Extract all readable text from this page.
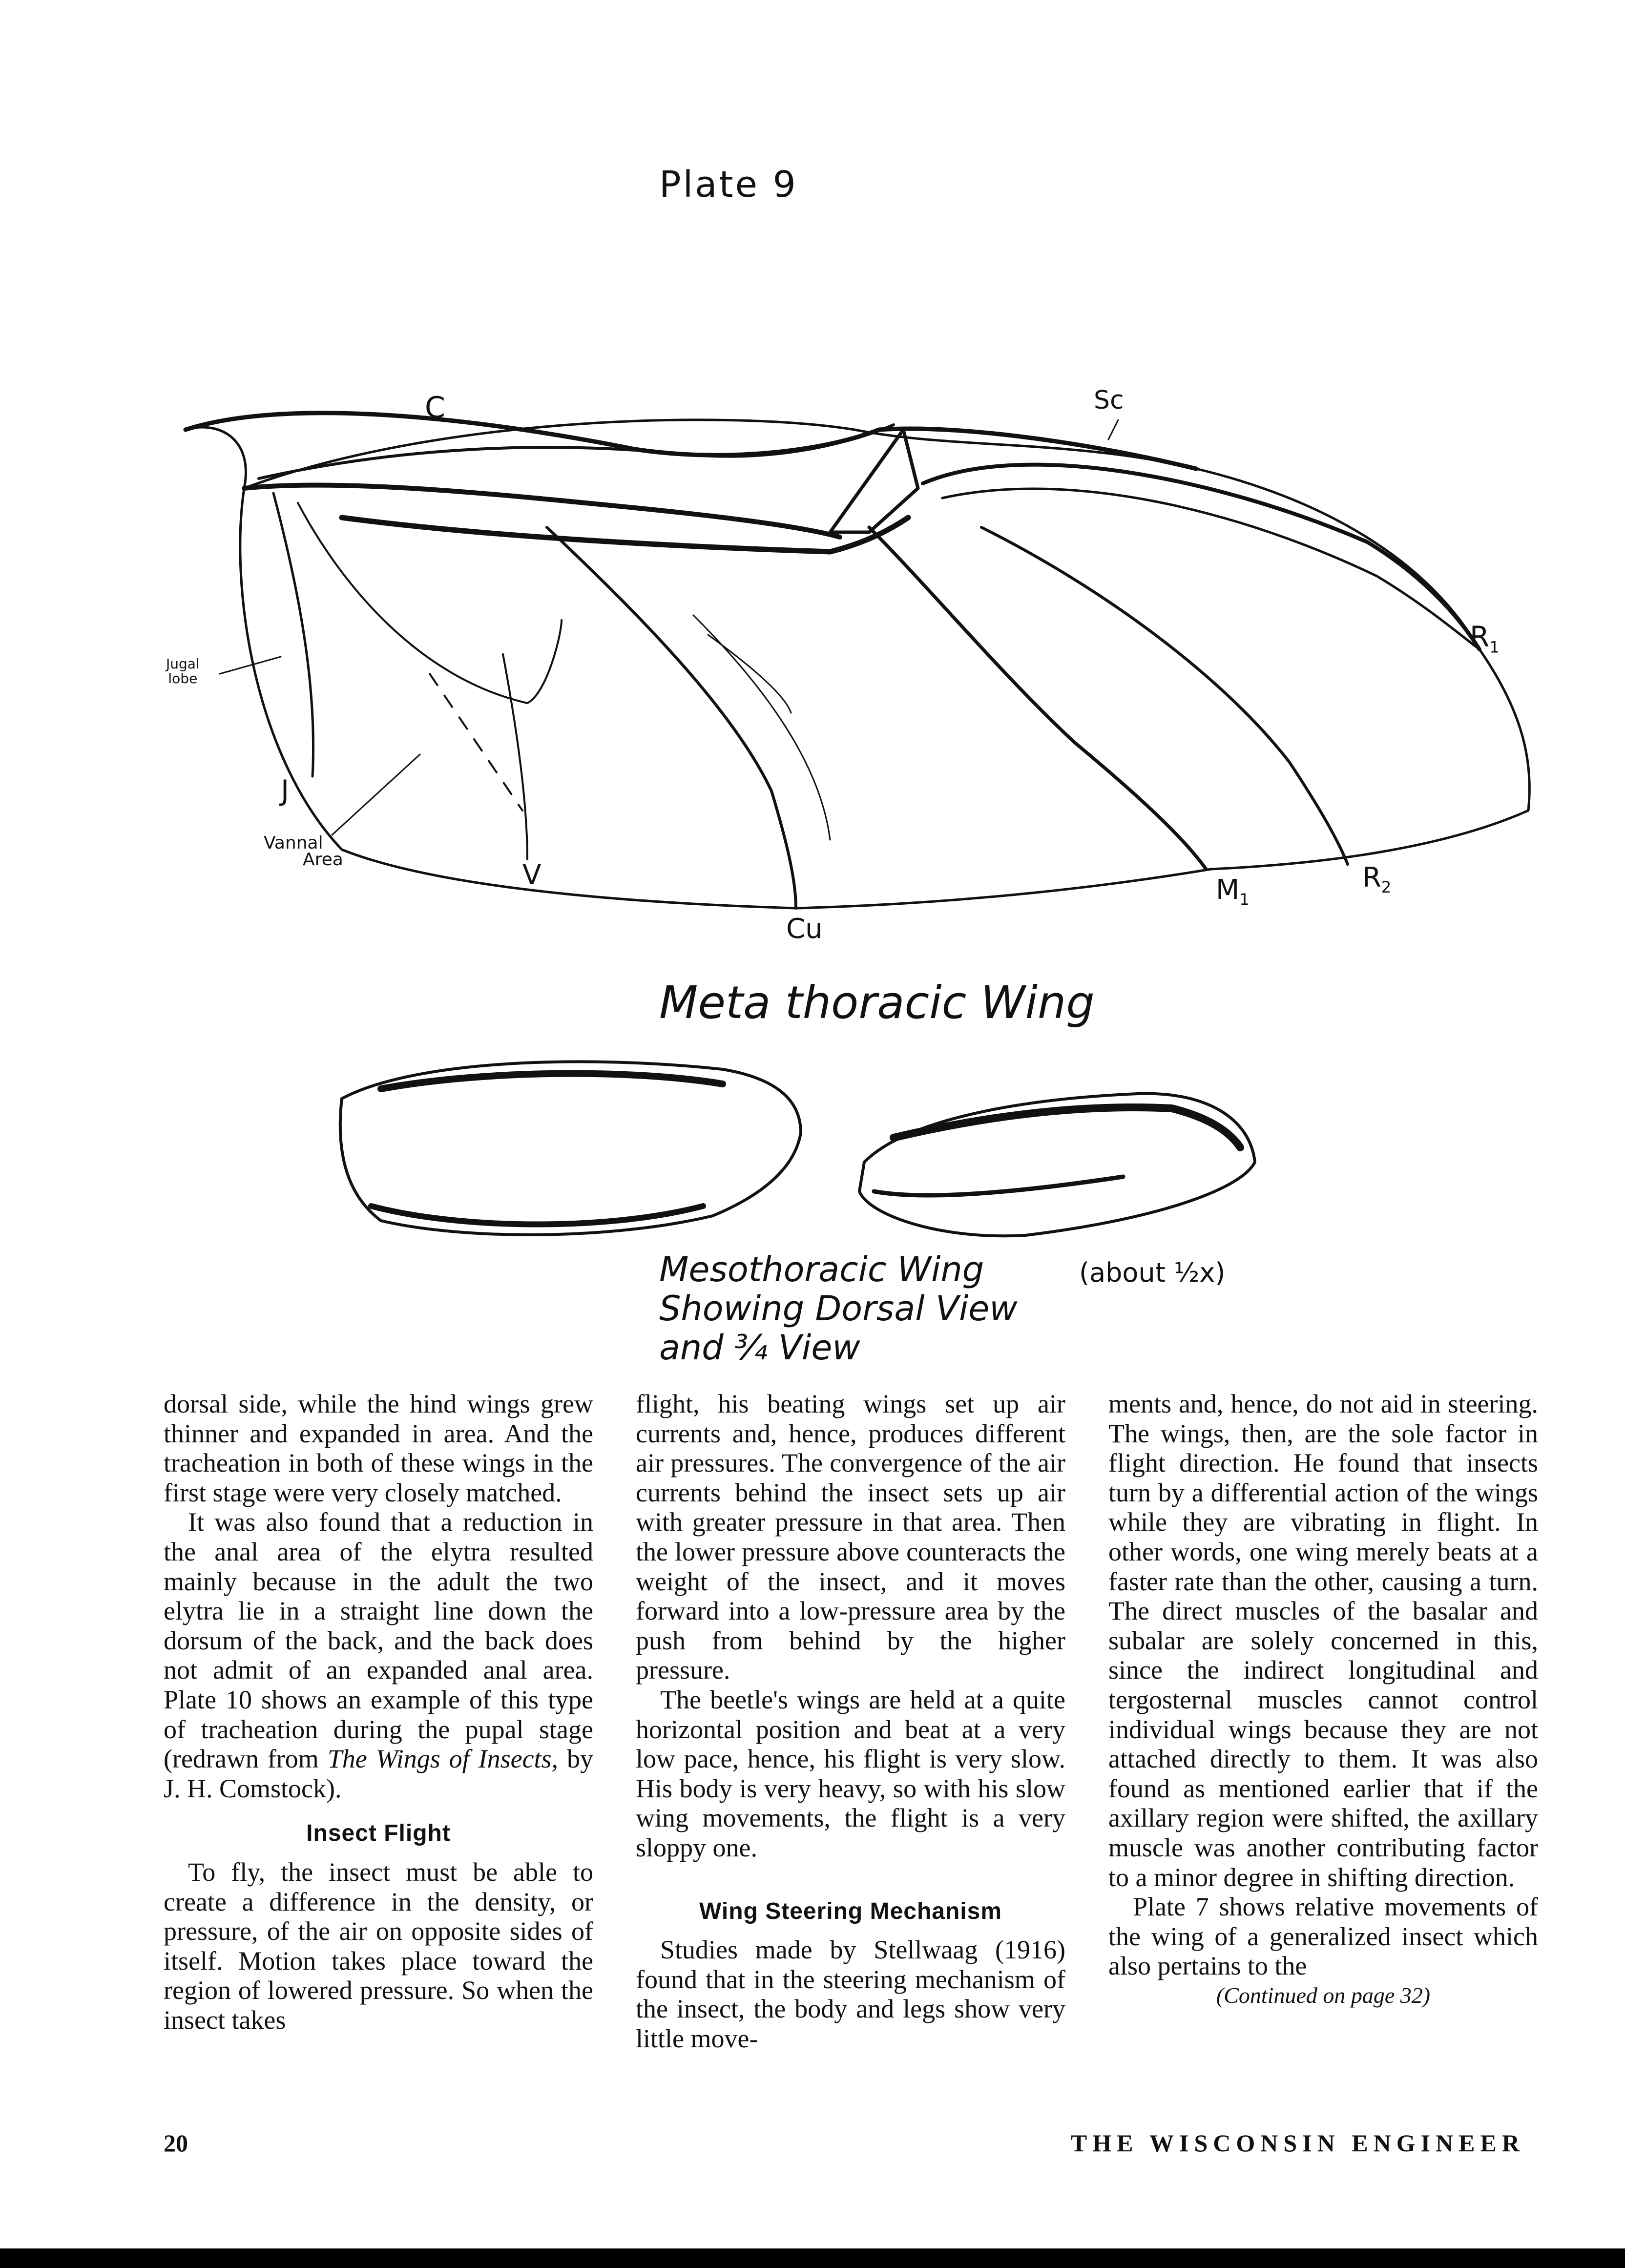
Plate 9
C	Sc
$R_1$
$R_2$
$M_1$
Cu
V
J
Jugal
lobe
Vannal
Area
Meta thoracic Wing
Mesothoracic Wing
Showing Dorsal View
and ¾ View
(about ½x)

dorsal side, while the hind wings grew thinner and expanded in area. And the tracheation in both of these wings in the first stage were very closely matched.

It was also found that a reduction in the anal area of the elytra resulted mainly because in the adult the two elytra lie in a straight line down the dorsum of the back, and the back does not admit of an expanded anal area. Plate 10 shows an example of this type of tracheation during the pupal stage (redrawn from The Wings of Insects, by J. H. Comstock).

Insect Flight

To fly, the insect must be able to create a difference in the density, or pressure, of the air on opposite sides of itself. Motion takes place toward the region of lowered pressure. So when the insect takes

flight, his beating wings set up air currents and, hence, produces different air pressures. The convergence of the air currents behind the insect sets up air with greater pressure in that area. Then the lower pressure above counteracts the weight of the insect, and it moves forward into a low-pressure area by the push from behind by the higher pressure.

The beetle's wings are held at a quite horizontal position and beat at a very low pace, hence, his flight is very slow. His body is very heavy, so with his slow wing movements, the flight is a very sloppy one.

Wing Steering Mechanism

Studies made by Stellwaag (1916) found that in the steering mechanism of the insect, the body and legs show very little move-

ments and, hence, do not aid in steering. The wings, then, are the sole factor in flight direction. He found that insects turn by a differential action of the wings while they are vibrating in flight. In other words, one wing merely beats at a faster rate than the other, causing a turn. The direct muscles of the basalar and subalar are solely concerned in this, since the indirect longitudinal and tergosternal muscles cannot control individual wings because they are not attached directly to them. It was also found as mentioned earlier that if the axillary region were shifted, the axillary muscle was another contributing factor to a minor degree in shifting direction.

Plate 7 shows relative movements of the wing of a generalized insect which also pertains to the

(Continued on page 32)
20	THE WISCONSIN ENGINEER
